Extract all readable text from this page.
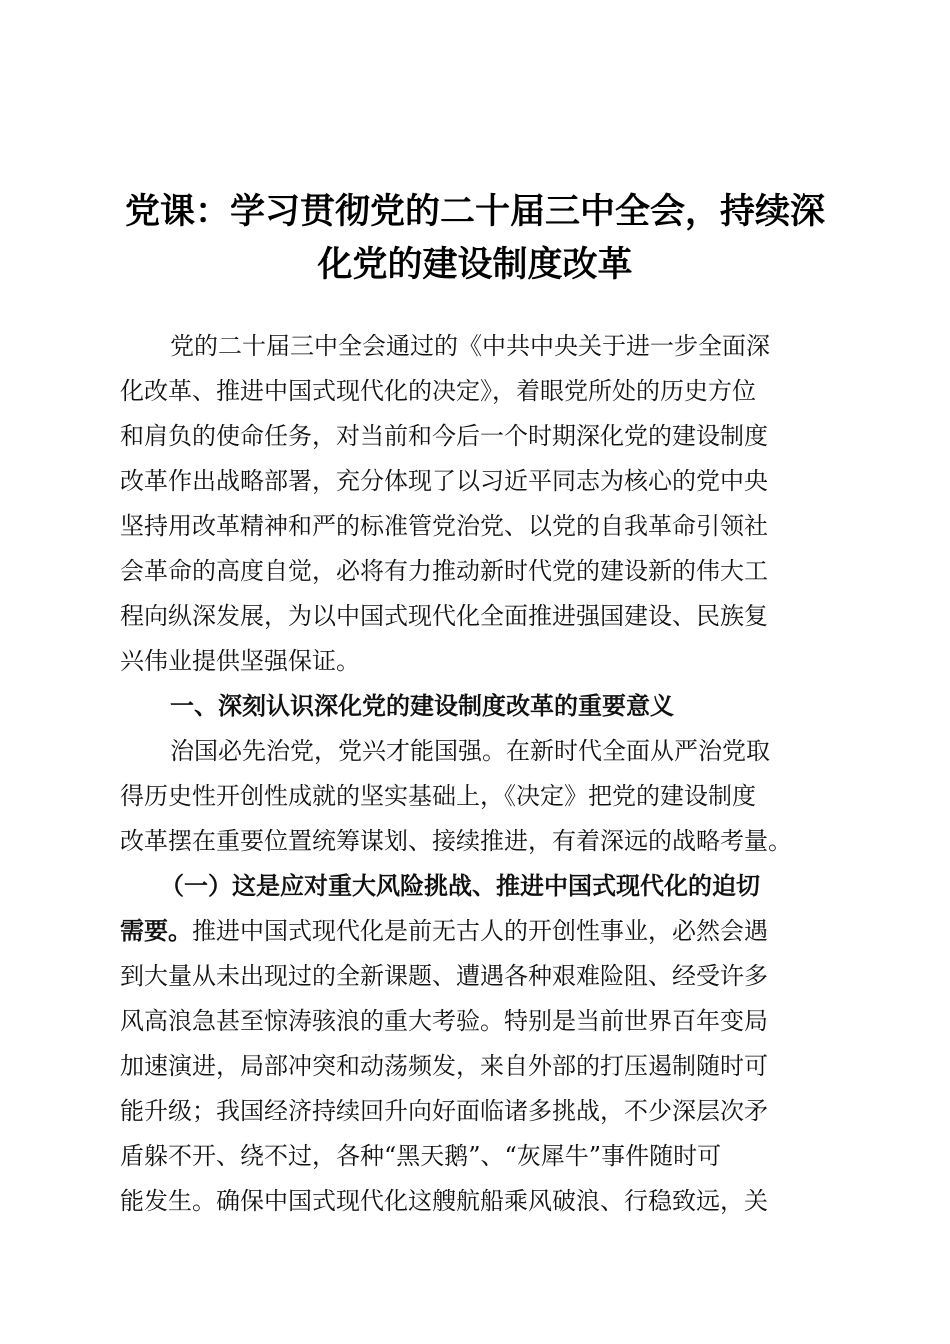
党课：学习贯彻党的二十届三中全会，持续深
化党的建设制度改革
党的二十届三中全会通过的《中共中央关于进一步全面深
化改革、推进中国式现代化的决定》，着眼党所处的历史方位
和肩负的使命任务，对当前和今后一个时期深化党的建设制度
改革作出战略部署，充分体现了以习近平同志为核心的党中央
坚持用改革精神和严的标准管党治党、以党的自我革命引领社
会革命的高度自觉，必将有力推动新时代党的建设新的伟大工
程向纵深发展，为以中国式现代化全面推进强国建设、民族复
兴伟业提供坚强保证。
一、深刻认识深化党的建设制度改革的重要意义
治国必先治党，党兴才能国强。在新时代全面从严治党取
得历史性开创性成就的坚实基础上，《决定》把党的建设制度
改革摆在重要位置统筹谋划、接续推进，有着深远的战略考量。
（一）这是应对重大风险挑战、推进中国式现代化的迫切
需要。推进中国式现代化是前无古人的开创性事业，必然会遇
到大量从未出现过的全新课题、遭遇各种艰难险阻、经受许多
风高浪急甚至惊涛骇浪的重大考验。特别是当前世界百年变局
加速演进，局部冲突和动荡频发，来自外部的打压遏制随时可
能升级；我国经济持续回升向好面临诸多挑战，不少深层次矛
盾躲不开、绕不过，各种“黑天鹅”、“灰犀牛”事件随时可
能发生。确保中国式现代化这艘航船乘风破浪、行稳致远，关
